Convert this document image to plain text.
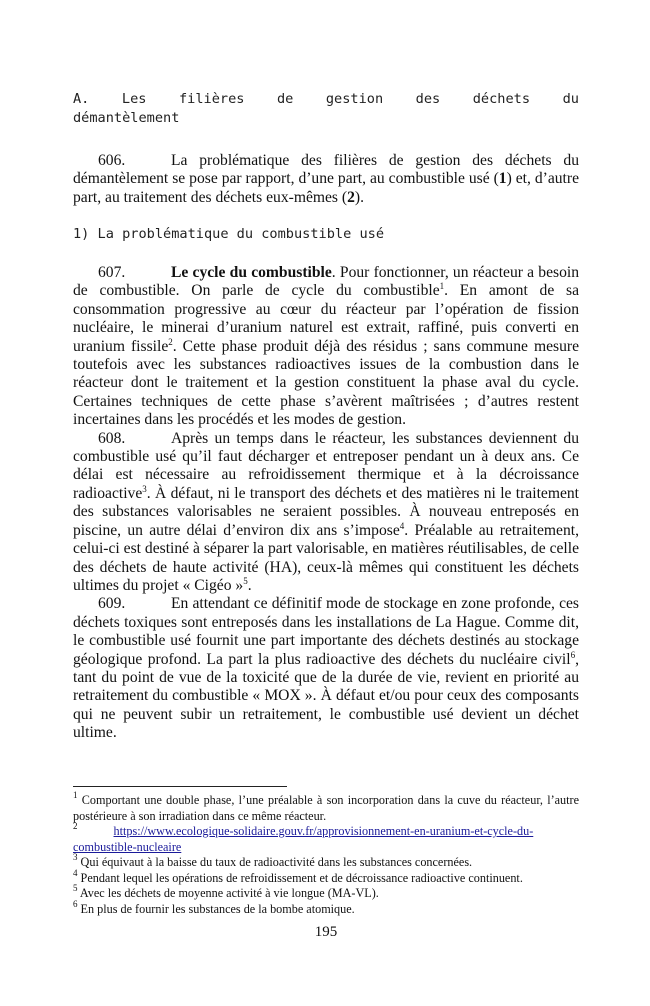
A. Les filières de gestion des déchets du
démantèlement

606.	La problématique des filières de gestion des déchets du démantèlement se pose par rapport, d’une part, au combustible usé (1) et, d’autre part, au traitement des déchets eux-mêmes (2).

1) La problématique du combustible usé

607.	Le cycle du combustible. Pour fonctionner, un réacteur a besoin de combustible. On parle de cycle du combustible$^1$. En amont de sa consommation progressive au cœur du réacteur par l’opération de fission nucléaire, le minerai d’uranium naturel est extrait, raffiné, puis converti en uranium fissile$^2$. Cette phase produit déjà des résidus ; sans commune mesure toutefois avec les substances radioactives issues de la combustion dans le réacteur dont le traitement et la gestion constituent la phase aval du cycle. Certaines techniques de cette phase s’avèrent maîtrisées ; d’autres restent incertaines dans les procédés et les modes de gestion.

608.	Après un temps dans le réacteur, les substances deviennent du combustible usé qu’il faut décharger et entreposer pendant un à deux ans. Ce délai est nécessaire au refroidissement thermique et à la décroissance radioactive$^3$. À défaut, ni le transport des déchets et des matières ni le traitement des substances valorisables ne seraient possibles. À nouveau entreposés en piscine, un autre délai d’environ dix ans s’impose$^4$. Préalable au retraitement, celui-ci est destiné à séparer la part valorisable, en matières réutilisables, de celle des déchets de haute activité (HA), ceux-là mêmes qui constituent les déchets ultimes du projet « Cigéo »$^5$.

609.	En attendant ce définitif mode de stockage en zone profonde, ces déchets toxiques sont entreposés dans les installations de La Hague. Comme dit, le combustible usé fournit une part importante des déchets destinés au stockage géologique profond. La part la plus radioactive des déchets du nucléaire civil$^6$, tant du point de vue de la toxicité que de la durée de vie, revient en priorité au retraitement du combustible « MOX ». À défaut et/ou pour ceux des composants qui ne peuvent subir un retraitement, le combustible usé devient un déchet ultime.

$^1$ Comportant une double phase, l’une préalable à son incorporation dans la cuve du réacteur, l’autre postérieure à son irradiation dans ce même réacteur.

$^2$	https://www.ecologique-solidaire.gouv.fr/approvisionnement-en-uranium-et-cycle-du-combustible-nucleaire

$^3$ Qui équivaut à la baisse du taux de radioactivité dans les substances concernées.

$^4$ Pendant lequel les opérations de refroidissement et de décroissance radioactive continuent.

$^5$ Avec les déchets de moyenne activité à vie longue (MA-VL).

$^6$ En plus de fournir les substances de la bombe atomique.

195
